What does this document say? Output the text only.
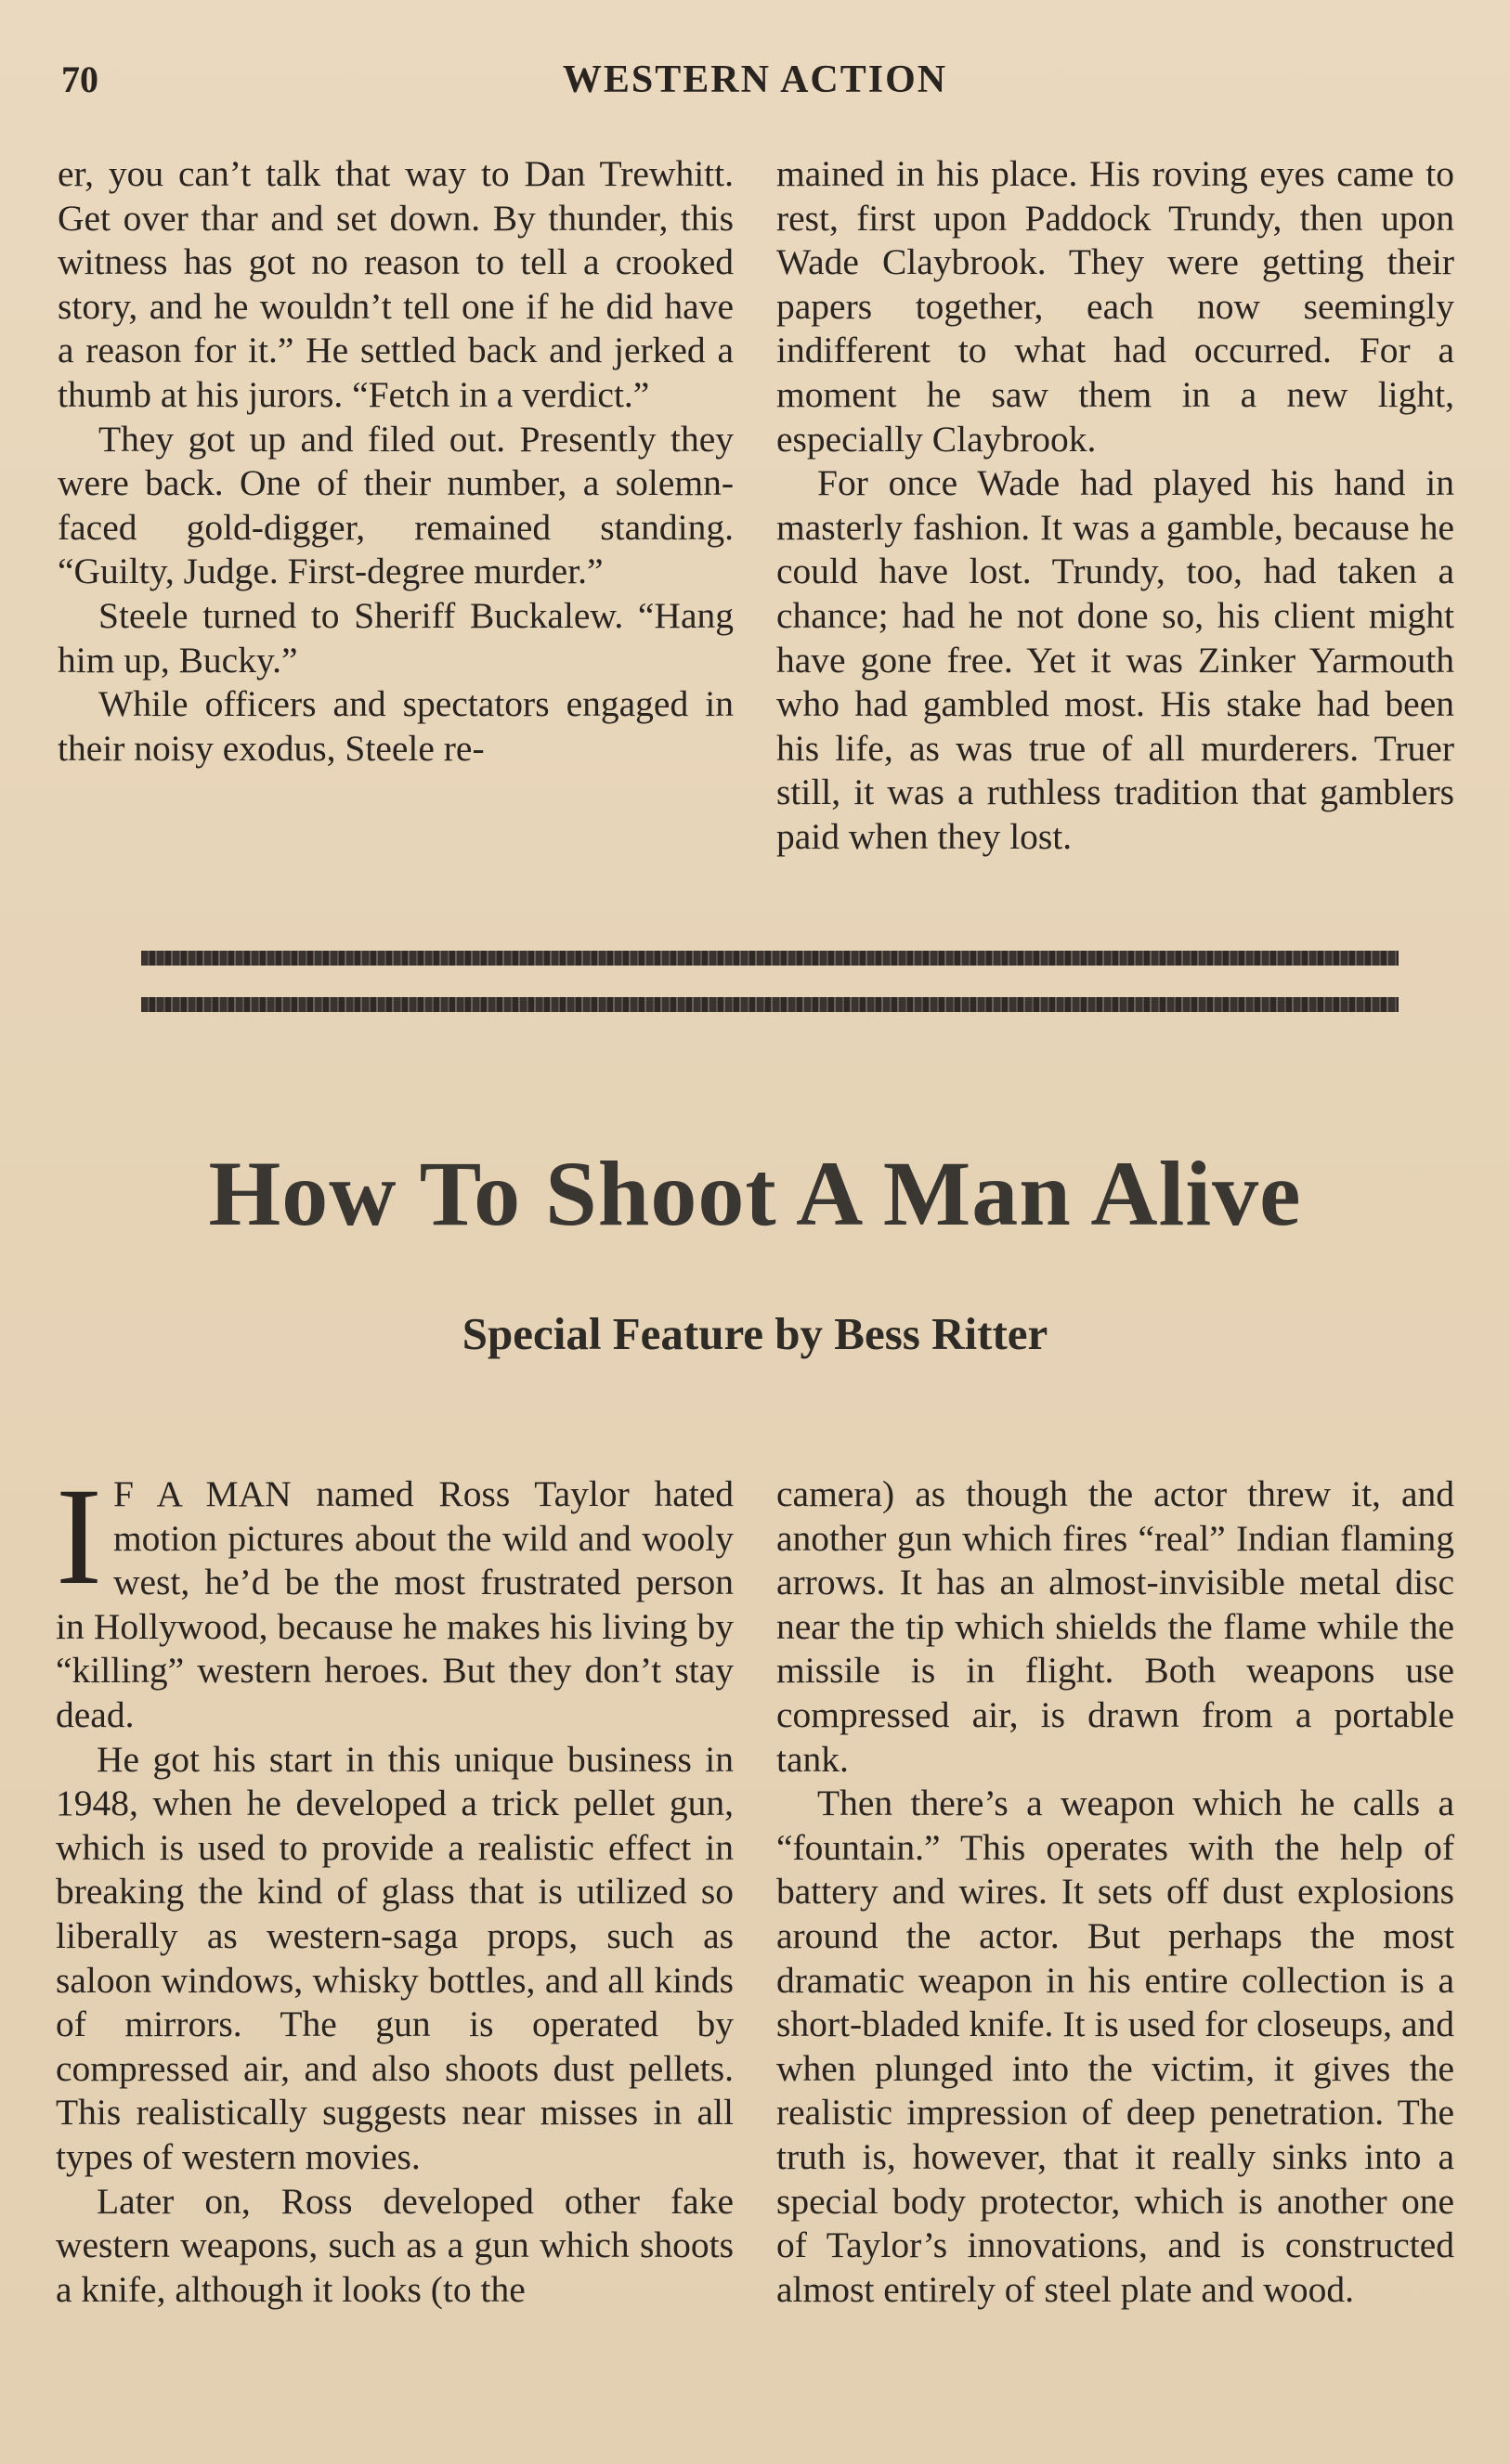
70	WESTERN ACTION

er, you can’t talk that way to Dan Trewhitt. Get over thar and set down. By thunder, this witness has got no reason to tell a crooked story, and he wouldn’t tell one if he did have a reason for it.” He settled back and jerked a thumb at his jurors. “Fetch in a verdict.”

They got up and filed out. Presently they were back. One of their number, a solemn-faced gold-digger, remained standing. “Guilty, Judge. First-degree murder.”

Steele turned to Sheriff Buckalew. “Hang him up, Bucky.”

While officers and spectators engaged in their noisy exodus, Steele re-

mained in his place. His roving eyes came to rest, first upon Paddock Trundy, then upon Wade Claybrook. They were getting their papers together, each now seemingly indifferent to what had occurred. For a moment he saw them in a new light, especially Claybrook.

For once Wade had played his hand in masterly fashion. It was a gamble, because he could have lost. Trundy, too, had taken a chance; had he not done so, his client might have gone free. Yet it was Zinker Yarmouth who had gambled most. His stake had been his life, as was true of all murderers. Truer still, it was a ruthless tradition that gamblers paid when they lost.

How To Shoot A Man Alive
Special Feature by Bess Ritter

I F A MAN named Ross Taylor hated motion pictures about the wild and wooly west, he’d be the most frustrated person in Hollywood, because he makes his living by “killing” western heroes. But they don’t stay dead.

He got his start in this unique business in 1948, when he developed a trick pellet gun, which is used to provide a realistic effect in breaking the kind of glass that is utilized so liberally as western-saga props, such as saloon windows, whisky bottles, and all kinds of mirrors. The gun is operated by compressed air, and also shoots dust pellets. This realistically suggests near misses in all types of western movies.

Later on, Ross developed other fake western weapons, such as a gun which shoots a knife, although it looks (to the

camera) as though the actor threw it, and another gun which fires “real” Indian flaming arrows. It has an almost-invisible metal disc near the tip which shields the flame while the missile is in flight. Both weapons use compressed air, is drawn from a portable tank.

Then there’s a weapon which he calls a “fountain.” This operates with the help of battery and wires. It sets off dust explosions around the actor. But perhaps the most dramatic weapon in his entire collection is a short-bladed knife. It is used for closeups, and when plunged into the victim, it gives the realistic impression of deep penetration. The truth is, however, that it really sinks into a special body protector, which is another one of Taylor’s innovations, and is constructed almost entirely of steel plate and wood.
